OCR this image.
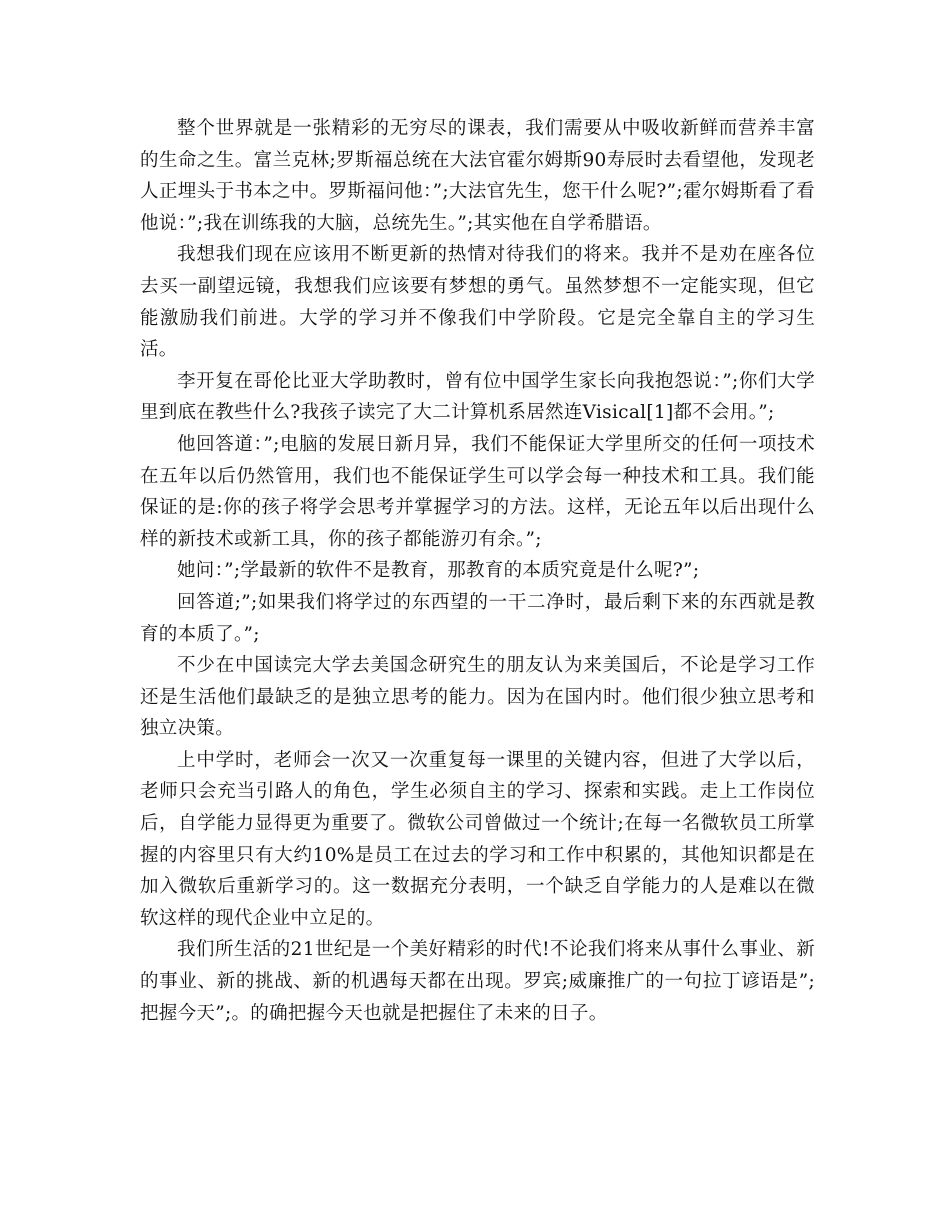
整个世界就是一张精彩的无穷尽的课表，我们需要从中吸收新鲜而营养丰富的生命之生。富兰克林;罗斯福总统在大法官霍尔姆斯90寿辰时去看望他，发现老人正埋头于书本之中。罗斯福问他：”;大法官先生，您干什么呢?”;霍尔姆斯看了看他说：”;我在训练我的大脑，总统先生。”;其实他在自学希腊语。

我想我们现在应该用不断更新的热情对待我们的将来。我并不是劝在座各位去买一副望远镜，我想我们应该要有梦想的勇气。虽然梦想不一定能实现，但它能激励我们前进。大学的学习并不像我们中学阶段。它是完全靠自主的学习生活。

李开复在哥伦比亚大学助教时，曾有位中国学生家长向我抱怨说：”;你们大学里到底在教些什么?我孩子读完了大二计算机系居然连Visical[1]都不会用。”;

他回答道：”;电脑的发展日新月异，我们不能保证大学里所交的任何一项技术在五年以后仍然管用，我们也不能保证学生可以学会每一种技术和工具。我们能保证的是:你的孩子将学会思考并掌握学习的方法。这样，无论五年以后出现什么样的新技术或新工具，你的孩子都能游刃有余。”;

她问：”;学最新的软件不是教育，那教育的本质究竟是什么呢?”;

回答道;”;如果我们将学过的东西望的一干二净时，最后剩下来的东西就是教育的本质了。”;

不少在中国读完大学去美国念研究生的朋友认为来美国后，不论是学习工作还是生活他们最缺乏的是独立思考的能力。因为在国内时。他们很少独立思考和独立决策。

上中学时，老师会一次又一次重复每一课里的关键内容，但进了大学以后，老师只会充当引路人的角色，学生必须自主的学习、探索和实践。走上工作岗位后，自学能力显得更为重要了。微软公司曾做过一个统计;在每一名微软员工所掌握的内容里只有大约10%是员工在过去的学习和工作中积累的，其他知识都是在加入微软后重新学习的。这一数据充分表明，一个缺乏自学能力的人是难以在微软这样的现代企业中立足的。

我们所生活的21世纪是一个美好精彩的时代!不论我们将来从事什么事业、新的事业、新的挑战、新的机遇每天都在出现。罗宾;威廉推广的一句拉丁谚语是”;把握今天”;。的确把握今天也就是把握住了未来的日子。
